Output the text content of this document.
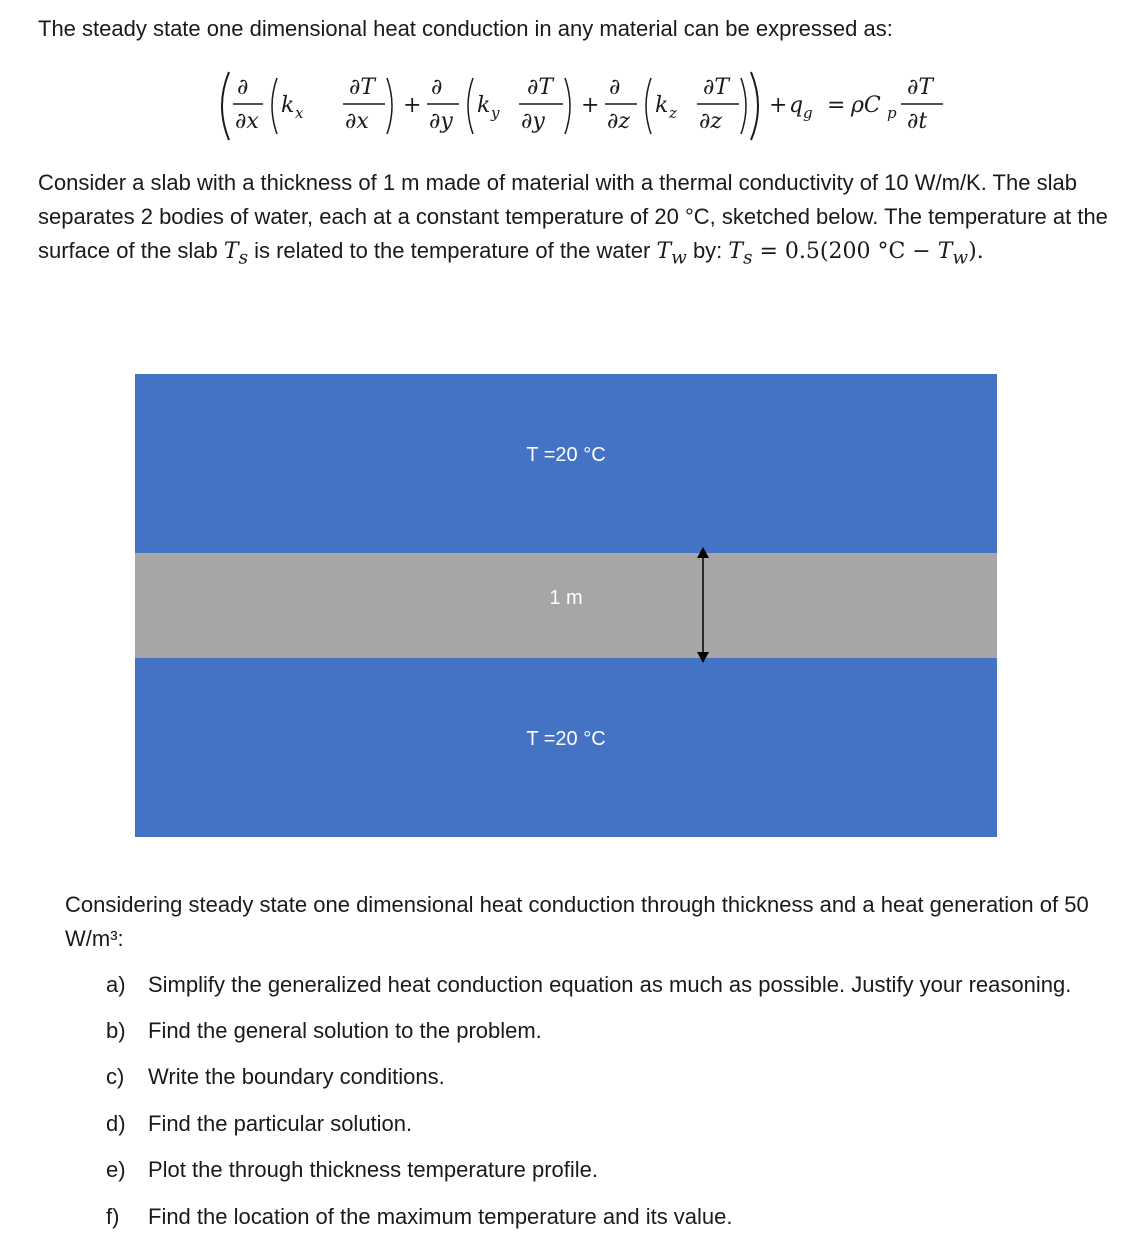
The steady state one dimensional heat conduction in any material can be expressed as:

∂
∂x
k x
∂T
∂x
+
∂
∂y
k y
∂T
∂y
+
∂
∂z
k z
∂T
∂z
+ q g = ρC p
∂T
∂t

Consider a slab with a thickness of 1 m made of material with a thermal conductivity of 10 W/m/K. The slab separates 2 bodies of water, each at a constant temperature of 20 °C, sketched below. The temperature at the surface of the slab $T_s$ is related to the temperature of the water $T_w$ by: $T_s = 0.5(200$ $^\circ C - T_w$).

T =20 °C
1 m
T =20 °C

Considering steady state one dimensional heat conduction through thickness and a heat generation of 50 W/m³:

a) Simplify the generalized heat conduction equation as much as possible. Justify your reasoning.
b) Find the general solution to the problem.
c) Write the boundary conditions.
d) Find the particular solution.
e) Plot the through thickness temperature profile.
f) Find the location of the maximum temperature and its value.
